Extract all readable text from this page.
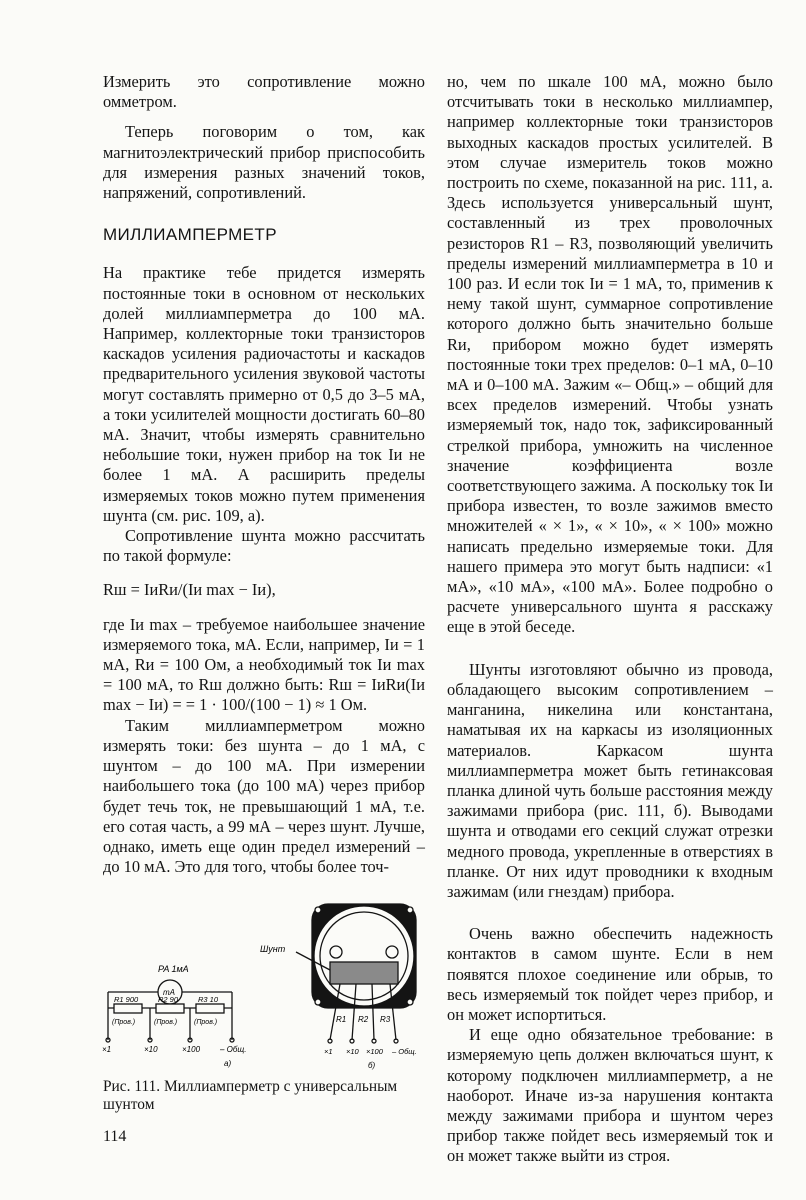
Измерить это сопротивление можно омметром.

Теперь поговорим о том, как магнитоэлектрический прибор приспособить для измерения разных значений токов, напряжений, сопротивлений.

МИЛЛИАМПЕРМЕТР

На практике тебе придется измерять постоянные токи в основном от нескольких долей миллиамперметра до 100 мА. Например, коллекторные токи транзисторов каскадов усиления радиочастоты и каскадов предварительного усиления звуковой частоты могут составлять примерно от 0,5 до 3–5 мА, а токи усилителей мощности достигать 60–80 мА. Значит, чтобы измерять сравнительно небольшие токи, нужен прибор на ток Iи не более 1 мА. А расширить пределы измеряемых токов можно путем применения шунта (см. рис. 109, а).

Сопротивление шунта можно рассчитать по такой формуле:

Rш = IиRи/(Iи max − Iи),

где Iи max – требуемое наибольшее значение измеряемого тока, мА. Если, например, Iи = 1 мА, Rи = 100 Ом, а необходимый ток Iи max = 100 мА, то Rш должно быть: Rш = IиRи(Iи max − Iи) = = 1 · 100/(100 − 1) ≈ 1 Ом.

Таким миллиамперметром можно измерять токи: без шунта – до 1 мА, с шунтом – до 100 мА. При измерении наибольшего тока (до 100 мА) через прибор будет течь ток, не превышающий 1 мА, т.е. его сотая часть, а 99 мА – через шунт. Лучше, однако, иметь еще один предел измерений – до 10 мА. Это для того, чтобы более точ-

но, чем по шкале 100 мА, можно было отсчитывать токи в несколько миллиампер, например коллекторные токи транзисторов выходных каскадов простых усилителей. В этом случае измеритель токов можно построить по схеме, показанной на рис. 111, а. Здесь используется универсальный шунт, составленный из трех проволочных резисторов R1 – R3, позволяющий увеличить пределы измерений миллиамперметра в 10 и 100 раз. И если ток Iи = 1 мА, то, применив к нему такой шунт, суммарное сопротивление которого должно быть значительно больше Rи, прибором можно будет измерять постоянные токи трех пределов: 0–1 мА, 0–10 мА и 0–100 мА. Зажим «– Общ.» – общий для всех пределов измерений. Чтобы узнать измеряемый ток, надо ток, зафиксированный стрелкой прибора, умножить на численное значение коэффициента возле соответствующего зажима. А поскольку ток Iи прибора известен, то возле зажимов вместо множителей « × 1», « × 10», « × 100» можно написать предельно измеряемые токи. Для нашего примера это могут быть надписи: «1 мА», «10 мА», «100 мА». Более подробно о расчете универсального шунта я расскажу еще в этой беседе.

Шунты изготовляют обычно из провода, обладающего высоким сопротивлением – манганина, никелина или константана, наматывая их на каркасы из изоляционных материалов. Каркасом шунта миллиамперметра может быть гетинаксовая планка длиной чуть больше расстояния между зажимами прибора (рис. 111, б). Выводами шунта и отводами его секций служат отрезки медного провода, укрепленные в отверстиях в планке. От них идут проводники к входным зажимам (или гнездам) прибора.

Очень важно обеспечить надежность контактов в самом шунте. Если в нем появятся плохое соединение или обрыв, то весь измеряемый ток пойдет через прибор, и он может испортиться.

И еще одно обязательное требование: в измеряемую цепь должен включаться шунт, к которому подключен миллиамперметр, а не наоборот. Иначе из-за нарушения контакта между зажимами прибора и шунтом через прибор также пойдет весь измеряемый ток и он может также выйти из строя.

PA 1мА
mA
R1 900	R2 90	R3 10
(Пров.)	(Пров.) (Пров.)
×1	×10	×100 – Общ.
а)
Шунт
R1 R2 R3
×1 ×10 ×100 – Общ.
б)
Рис. 111. Миллиамперметр с универсальным шунтом
114
